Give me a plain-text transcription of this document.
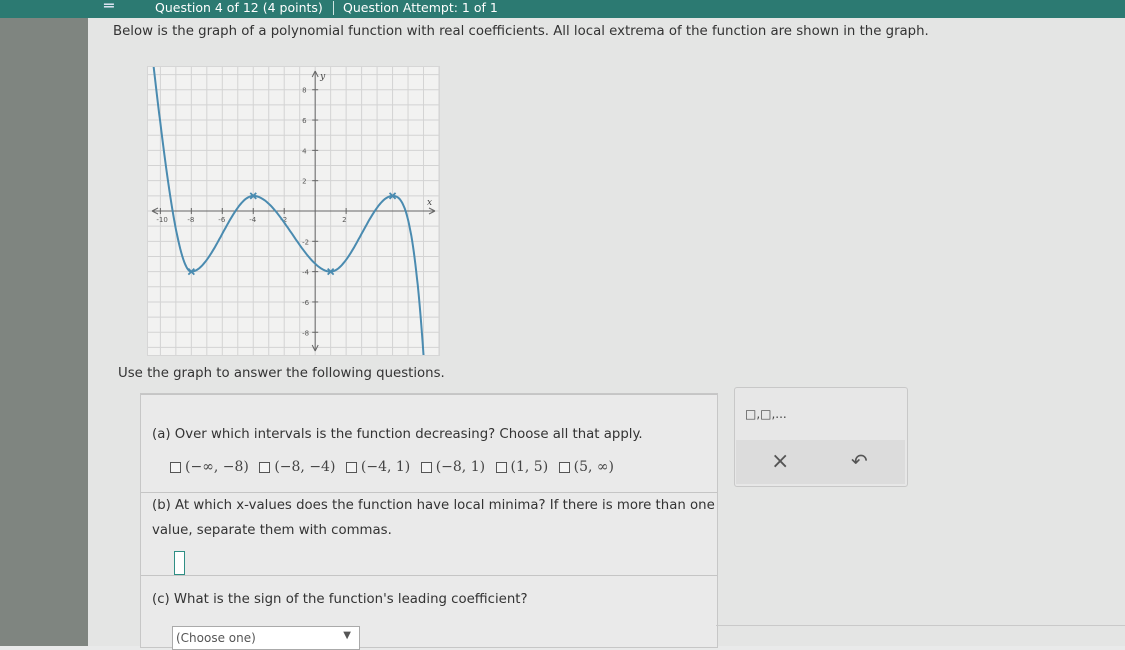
═	Question 4 of 12 (4 points) Question Attempt: 1 of 1
Below is the graph of a polynomial function with real coefficients. All local extrema of the function are shown in the graph.
x
y
-10	-8	-6	-4	-2	2
8
6
4
2
-2
-4
-6
-8
Use the graph to answer the following questions.
(a) Over which intervals is the function decreasing? Choose all that apply.
(−∞, −8) (−8, −4) (−4, 1) (−8, 1) (1, 5) (5, ∞)
(b) At which x-values does the function have local minima? If there is more than one
value, separate them with commas.
(c) What is the sign of the function's leading coefficient?
(Choose one)	▼
□,□,...
×	↶
